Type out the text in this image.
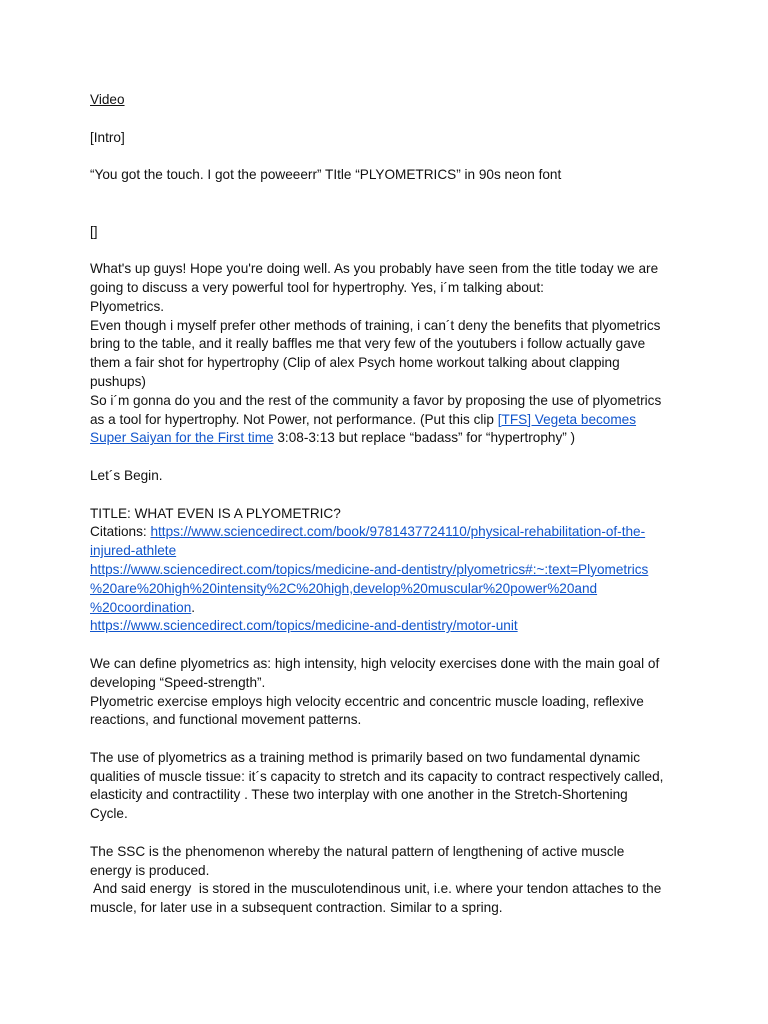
Video
[Intro]
“You got the touch. I got the poweeerr” TItle “PLYOMETRICS” in 90s neon font
[]
What's up guys! Hope you're doing well. As you probably have seen from the title today we are
going to discuss a very powerful tool for hypertrophy. Yes, i´m talking about:
Plyometrics.
Even though i myself prefer other methods of training, i can´t deny the benefits that plyometrics
bring to the table, and it really baffles me that very few of the youtubers i follow actually gave
them a fair shot for hypertrophy (Clip of alex Psych home workout talking about clapping
pushups)
So i´m gonna do you and the rest of the community a favor by proposing the use of plyometrics
as a tool for hypertrophy. Not Power, not performance. (Put this clip [TFS] Vegeta becomes
Super Saiyan for the First time 3:08-3:13 but replace “badass” for “hypertrophy” )
Let´s Begin.
TITLE: WHAT EVEN IS A PLYOMETRIC?
Citations: https://www.sciencedirect.com/book/9781437724110/physical-rehabilitation-of-the-
injured-athlete
https://www.sciencedirect.com/topics/medicine-and-dentistry/plyometrics#:~:text=Plyometrics
%20are%20high%20intensity%2C%20high,develop%20muscular%20power%20and
%20coordination.
https://www.sciencedirect.com/topics/medicine-and-dentistry/motor-unit
We can define plyometrics as: high intensity, high velocity exercises done with the main goal of
developing “Speed-strength”.
Plyometric exercise employs high velocity eccentric and concentric muscle loading, reflexive
reactions, and functional movement patterns.
The use of plyometrics as a training method is primarily based on two fundamental dynamic
qualities of muscle tissue: it´s capacity to stretch and its capacity to contract respectively called,
elasticity and contractility . These two interplay with one another in the Stretch-Shortening
Cycle.
The SSC is the phenomenon whereby the natural pattern of lengthening of active muscle
energy is produced.
And said energy  is stored in the musculotendinous unit, i.e. where your tendon attaches to the
muscle, for later use in a subsequent contraction. Similar to a spring.
